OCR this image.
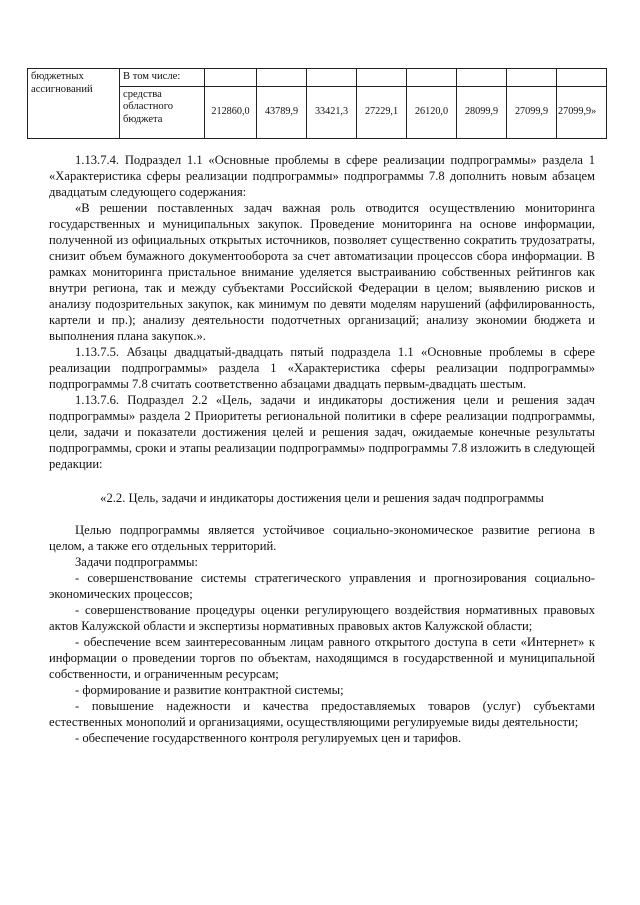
бюджетных ассигнований	В том числе:								
	средства областного бюджета	212860,0	43789,9	33421,3	27229,1	26120,0	28099,9	27099,9	27099,9»

1.13.7.4. Подраздел 1.1 «Основные проблемы в сфере реализации подпрограммы» раздела 1 «Характеристика сферы реализации подпрограммы» подпрограммы 7.8 дополнить новым абзацем двадцатым следующего содержания:

«В решении поставленных задач важная роль отводится осуществлению мониторинга государственных и муниципальных закупок. Проведение мониторинга на основе информации, полученной из официальных открытых источников, позволяет существенно сократить трудозатраты, снизит объем бумажного документооборота за счет автоматизации процессов сбора информации. В рамках мониторинга пристальное внимание уделяется выстраиванию собственных рейтингов как внутри региона, так и между субъектами Российской Федерации в целом; выявлению рисков и анализу подозрительных закупок, как минимум по девяти моделям нарушений (аффилированность, картели и пр.); анализу деятельности подотчетных организаций; анализу экономии бюджета и выполнения плана закупок.».

1.13.7.5. Абзацы двадцатый-двадцать пятый подраздела 1.1 «Основные проблемы в сфере реализации подпрограммы» раздела 1 «Характеристика сферы реализации подпрограммы» подпрограммы 7.8 считать соответственно абзацами двадцать первым-двадцать шестым.

1.13.7.6. Подраздел 2.2 «Цель, задачи и индикаторы достижения цели и решения задач подпрограммы» раздела 2 Приоритеты региональной политики в сфере реализации подпрограммы, цели, задачи и показатели достижения целей и решения задач, ожидаемые конечные результаты подпрограммы, сроки и этапы реализации подпрограммы» подпрограммы 7.8 изложить в следующей редакции:

«2.2. Цель, задачи и индикаторы достижения цели и решения задач подпрограммы

Целью подпрограммы является устойчивое социально-экономическое развитие региона в целом, а также его отдельных территорий.

Задачи подпрограммы:

- совершенствование системы стратегического управления и прогнозирования социально-экономических процессов;

- совершенствование процедуры оценки регулирующего воздействия нормативных правовых актов Калужской области и экспертизы нормативных правовых актов Калужской области;

- обеспечение всем заинтересованным лицам равного открытого доступа в сети «Интернет» к информации о проведении торгов по объектам, находящимся в государственной и муниципальной собственности, и ограниченным ресурсам;

- формирование и развитие контрактной системы;

- повышение надежности и качества предоставляемых товаров (услуг) субъектами естественных монополий и организациями, осуществляющими регулируемые виды деятельности;

- обеспечение государственного контроля регулируемых цен и тарифов.
